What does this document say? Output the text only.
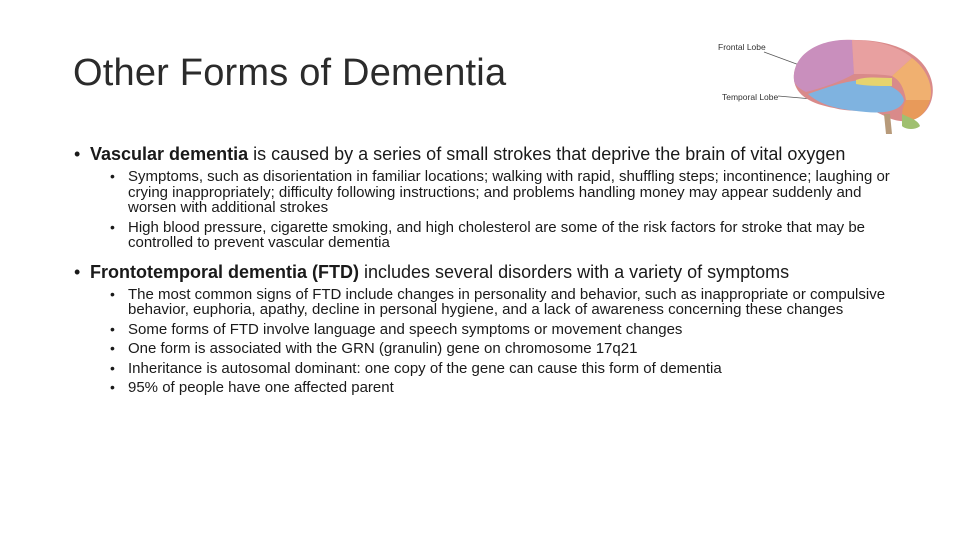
Other Forms of Dementia
Frontal Lobe
Temporal Lobe
• Vascular dementia is caused by a series of small strokes that deprive the brain of vital oxygen
• Symptoms, such as disorientation in familiar locations; walking with rapid, shuffling steps; incontinence; laughing or crying inappropriately; difficulty following instructions; and problems handling money may appear suddenly and worsen with additional strokes
• High blood pressure, cigarette smoking, and high cholesterol are some of the risk factors for stroke that may be controlled to prevent vascular dementia
• Frontotemporal dementia (FTD) includes several disorders with a variety of symptoms
• The most common signs of FTD include changes in personality and behavior, such as inappropriate or compulsive behavior, euphoria, apathy, decline in personal hygiene, and a lack of awareness concerning these changes
• Some forms of FTD involve language and speech symptoms or movement changes
• One form is associated with the GRN (granulin) gene on chromosome 17q21
• Inheritance is autosomal dominant: one copy of the gene can cause this form of dementia
• 95% of people have one affected parent
